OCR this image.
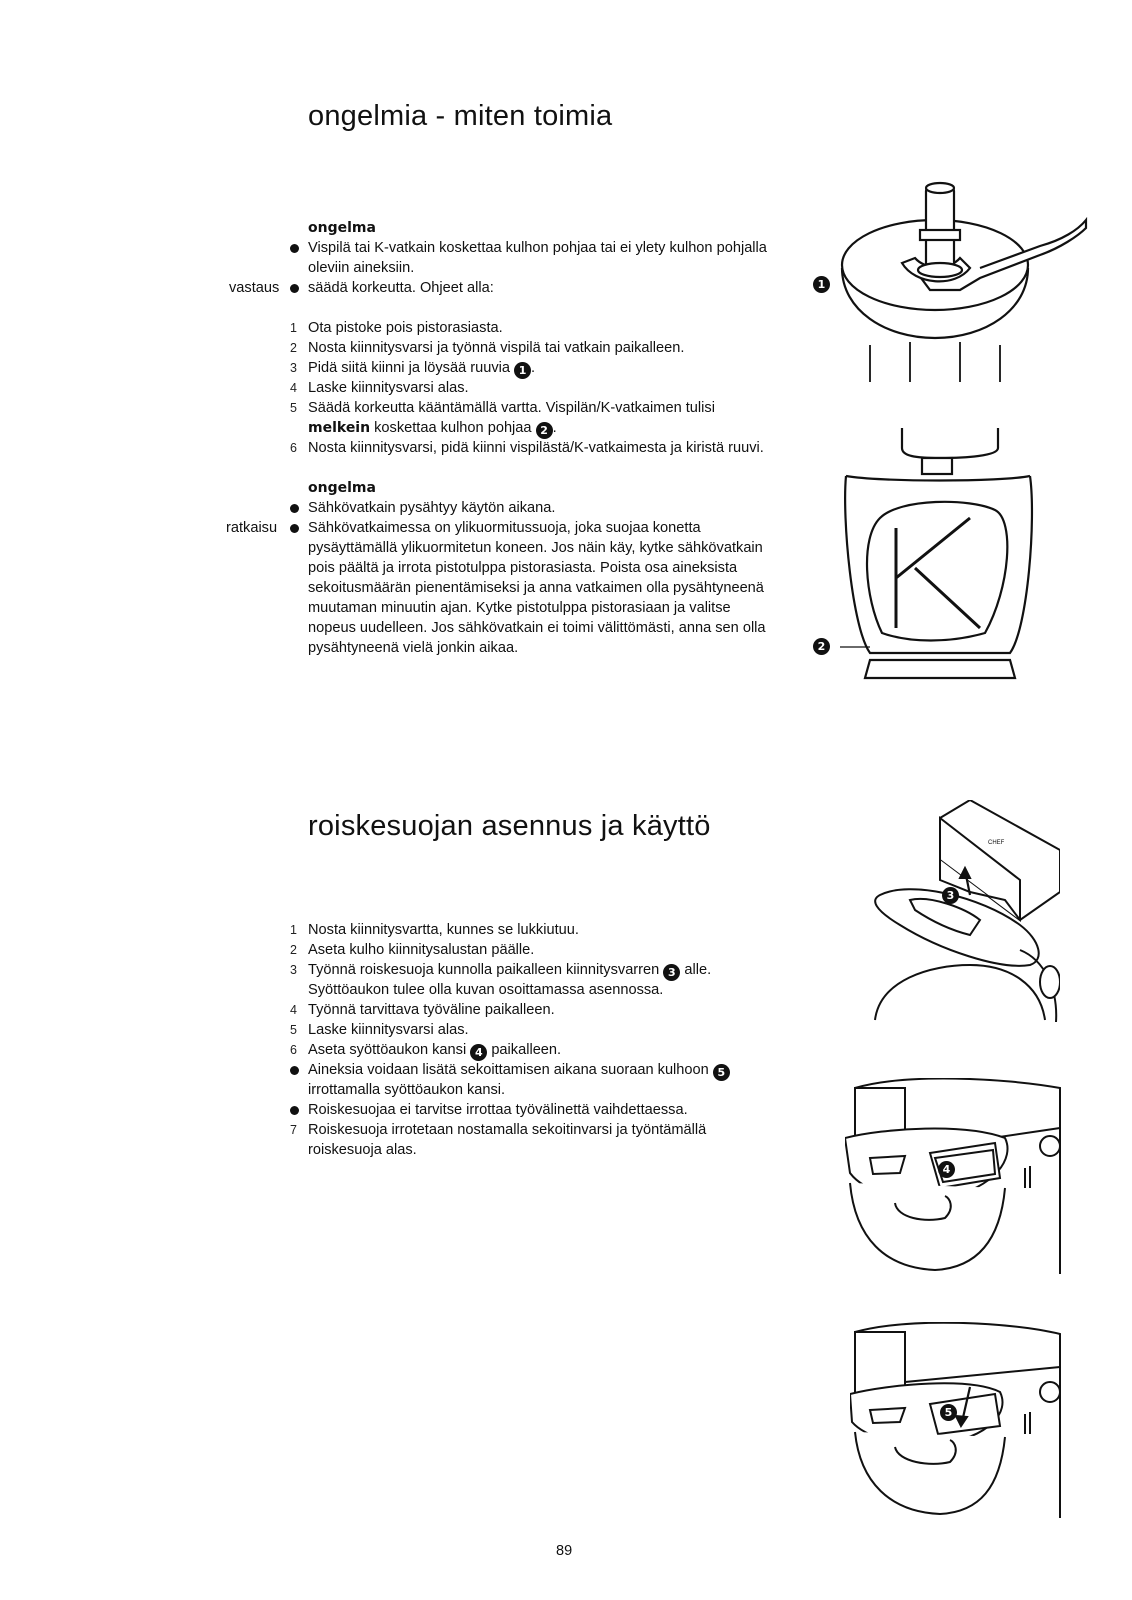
ongelmia - miten toimia
ongelma
Vispilä tai K-vatkain koskettaa kulhon pohjaa tai ei ylety kulhon pohjalla
oleviin aineksiin.
vastaus säädä korkeutta. Ohjeet alla:
1 Ota pistoke pois pistorasiasta.
2 Nosta kiinnitysvarsi ja työnnä vispilä tai vatkain paikalleen.
3 Pidä siitä kiinni ja löysää ruuvia 1 .
4 Laske kiinnitysvarsi alas.
5 Säädä korkeutta kääntämällä vartta. Vispilän/K-vatkaimen tulisi
melkein koskettaa kulhon pohjaa 2 .
6 Nosta kiinnitysvarsi, pidä kiinni vispilästä/K-vatkaimesta ja kiristä ruuvi.
ongelma
Sähkövatkain pysähtyy käytön aikana.
ratkaisu Sähkövatkaimessa on ylikuormitussuoja, joka suojaa konetta
pysäyttämällä ylikuormitetun koneen. Jos näin käy, kytke sähkövatkain
pois päältä ja irrota pistotulppa pistorasiasta. Poista osa aineksista
sekoitusmäärän pienentämiseksi ja anna vatkaimen olla pysähtyneenä
muutaman minuutin ajan. Kytke pistotulppa pistorasiaan ja valitse
nopeus uudelleen. Jos sähkövatkain ei toimi välittömästi, anna sen olla
pysähtyneenä vielä jonkin aikaa.
1
2
roiskesuojan asennus ja käyttö
1 Nosta kiinnitysvartta, kunnes se lukkiutuu.
2 Aseta kulho kiinnitysalustan päälle.
3 Työnnä roiskesuoja kunnolla paikalleen kiinnitysvarren 3 alle.
Syöttöaukon tulee olla kuvan osoittamassa asennossa.
4 Työnnä tarvittava työväline paikalleen.
5 Laske kiinnitysvarsi alas.
6 Aseta syöttöaukon kansi 4 paikalleen.
Aineksia voidaan lisätä sekoittamisen aikana suoraan kulhoon 5
irrottamalla syöttöaukon kansi.
Roiskesuojaa ei tarvitse irrottaa työvälinettä vaihdettaessa.
7 Roiskesuoja irrotetaan nostamalla sekoitinvarsi ja työntämällä
roiskesuoja alas.
CHEF
3
4
5
89
